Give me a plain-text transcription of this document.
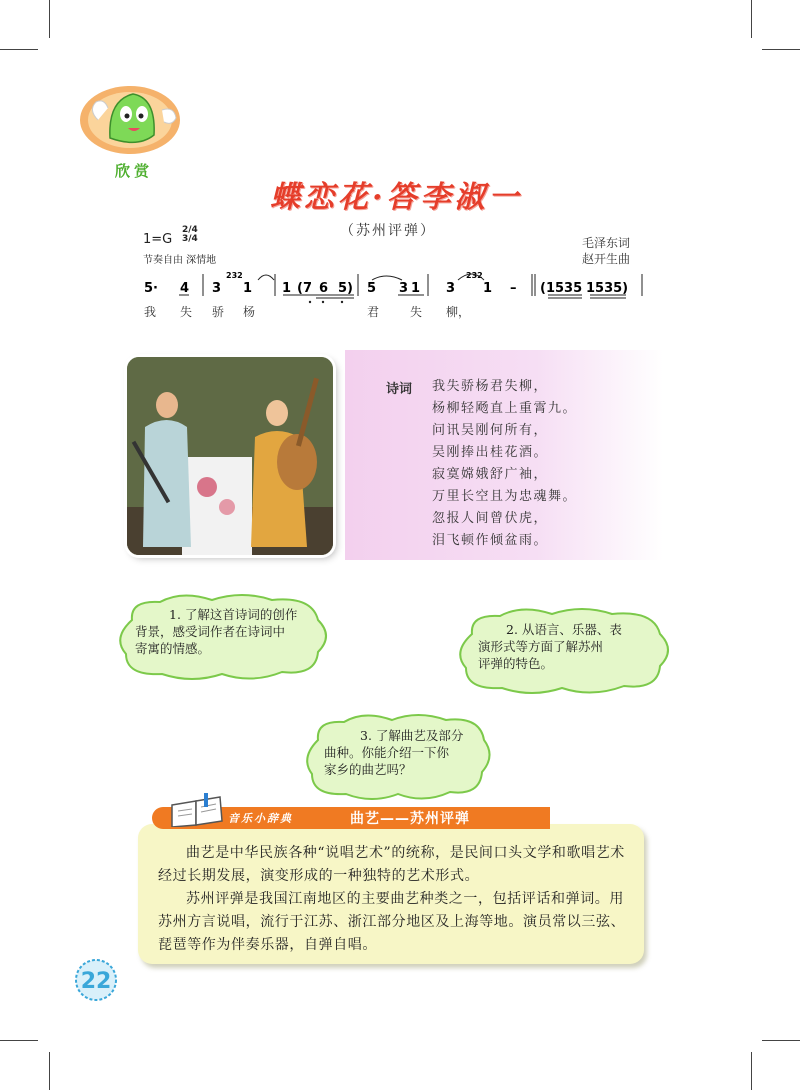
欣赏
蝶恋花·答李淑一
（苏州评弹）
毛泽东词
赵开生曲
1=G
2/4
3/4
节奏自由 深情地
5· 4 3
232
1 1 (7 6 5) 5 3 1 3
232
1 – (1535 1535)
我 失 骄 杨	君	失 柳，
诗词 我失骄杨君失柳，
杨柳轻飏直上重霄九。
问讯吴刚何所有，
吴刚捧出桂花酒。
寂寞嫦娥舒广袖，
万里长空且为忠魂舞。
忽报人间曾伏虎，
泪飞顿作倾盆雨。
1. 了解这首诗词的创作
背景，感受词作者在诗词中
寄寓的情感。
2. 从语言、乐器、表
演形式等方面了解苏州
评弹的特色。
3. 了解曲艺及部分
曲种。你能介绍一下你
家乡的曲艺吗？
音乐小辞典	曲艺——苏州评弹

曲艺是中华民族各种“说唱艺术”的统称，是民间口头文学和歌唱艺术经过长期发展，演变形成的一种独特的艺术形式。

苏州评弹是我国江南地区的主要曲艺种类之一，包括评话和弹词。用苏州方言说唱，流行于江苏、浙江部分地区及上海等地。演员常以三弦、琵琶等作为伴奏乐器，自弹自唱。

22
